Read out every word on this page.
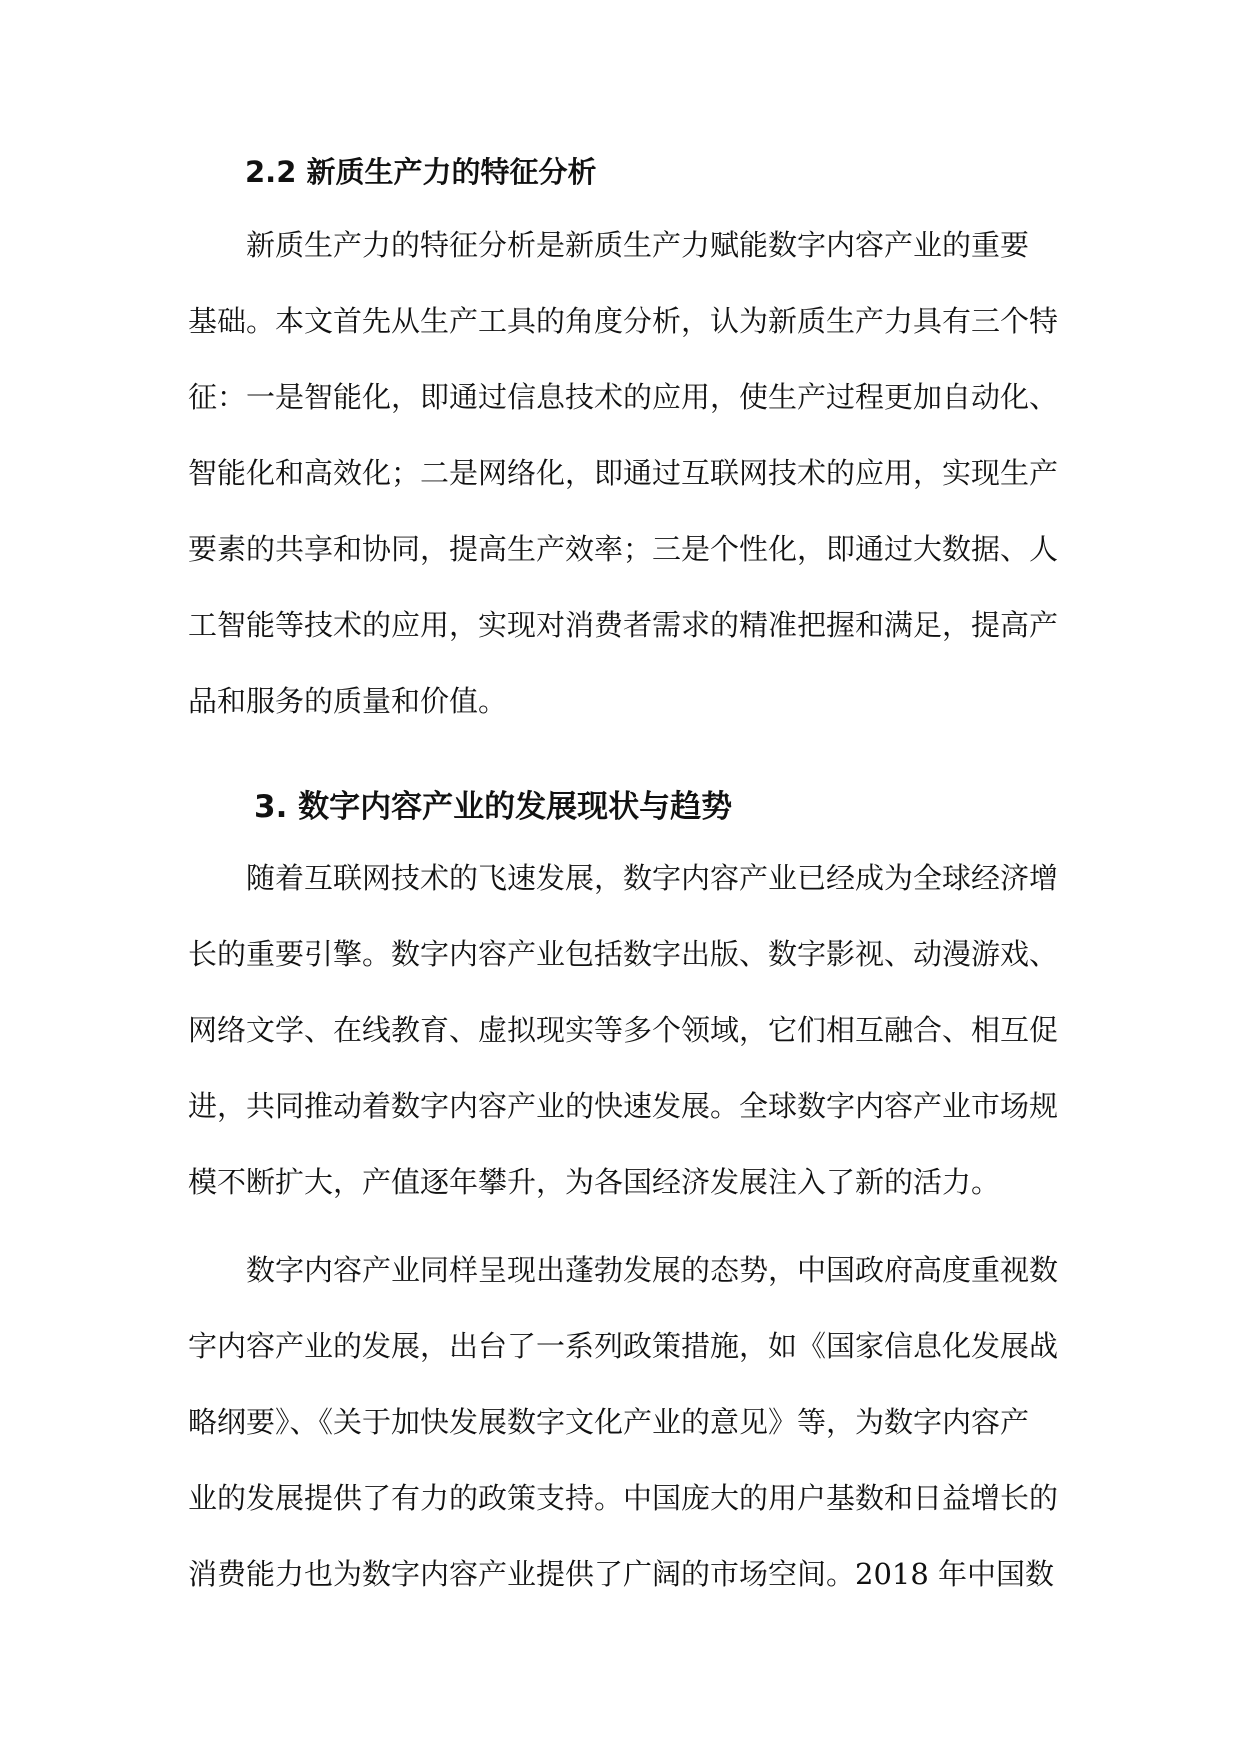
2.2 新质生产力的特征分析
新质生产力的特征分析是新质生产力赋能数字内容产业的重要
基础。本文首先从生产工具的角度分析，认为新质生产力具有三个特
征：一是智能化，即通过信息技术的应用，使生产过程更加自动化、
智能化和高效化；二是网络化，即通过互联网技术的应用，实现生产
要素的共享和协同，提高生产效率；三是个性化，即通过大数据、人
工智能等技术的应用，实现对消费者需求的精准把握和满足，提高产
品和服务的质量和价值。
3. 数字内容产业的发展现状与趋势
随着互联网技术的飞速发展，数字内容产业已经成为全球经济增
长的重要引擎。数字内容产业包括数字出版、数字影视、动漫游戏、
网络文学、在线教育、虚拟现实等多个领域，它们相互融合、相互促
进，共同推动着数字内容产业的快速发展。全球数字内容产业市场规
模不断扩大，产值逐年攀升，为各国经济发展注入了新的活力。
数字内容产业同样呈现出蓬勃发展的态势，中国政府高度重视数
字内容产业的发展，出台了一系列政策措施，如《国家信息化发展战
略纲要》、《关于加快发展数字文化产业的意见》等，为数字内容产
业的发展提供了有力的政策支持。中国庞大的用户基数和日益增长的
消费能力也为数字内容产业提供了广阔的市场空间。2018 年中国数
